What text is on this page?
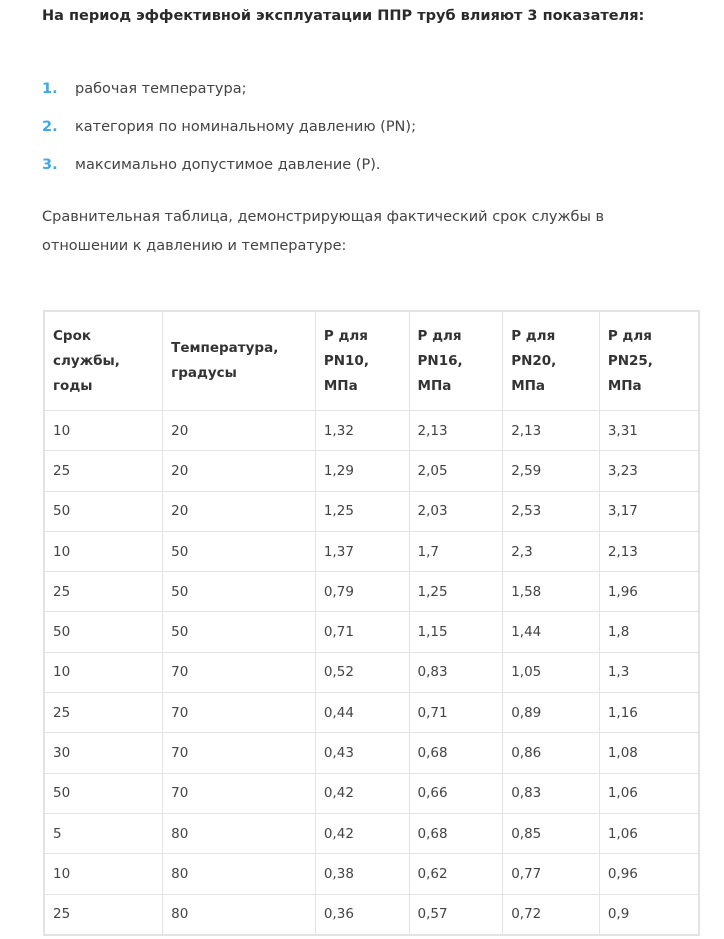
На период эффективной эксплуатации ППР труб влияют 3 показателя:
1.	рабочая температура;
2.	категория по номинальному давлению (PN);
3.	максимально допустимое давление (P).
Сравнительная таблица, демонстрирующая фактический срок службы в отношении к давлению и температуре:
Срок службы, годы	Температура, градусы	Р для PN10, МПа	Р для PN16, МПа	Р для PN20, МПа	Р для PN25, МПа
10	20	1,32	2,13	2,13	3,31
25	20	1,29	2,05	2,59	3,23
50	20	1,25	2,03	2,53	3,17
10	50	1,37	1,7	2,3	2,13
25	50	0,79	1,25	1,58	1,96
50	50	0,71	1,15	1,44	1,8
10	70	0,52	0,83	1,05	1,3
25	70	0,44	0,71	0,89	1,16
30	70	0,43	0,68	0,86	1,08
50	70	0,42	0,66	0,83	1,06
5	80	0,42	0,68	0,85	1,06
10	80	0,38	0,62	0,77	0,96
25	80	0,36	0,57	0,72	0,9
